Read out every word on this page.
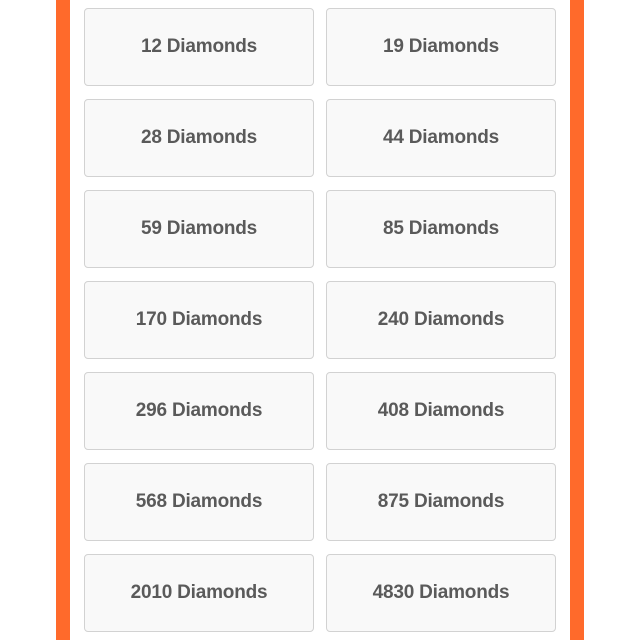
12 Diamonds	19 Diamonds
28 Diamonds	44 Diamonds
59 Diamonds	85 Diamonds
170 Diamonds	240 Diamonds
296 Diamonds	408 Diamonds
568 Diamonds	875 Diamonds
2010 Diamonds	4830 Diamonds
